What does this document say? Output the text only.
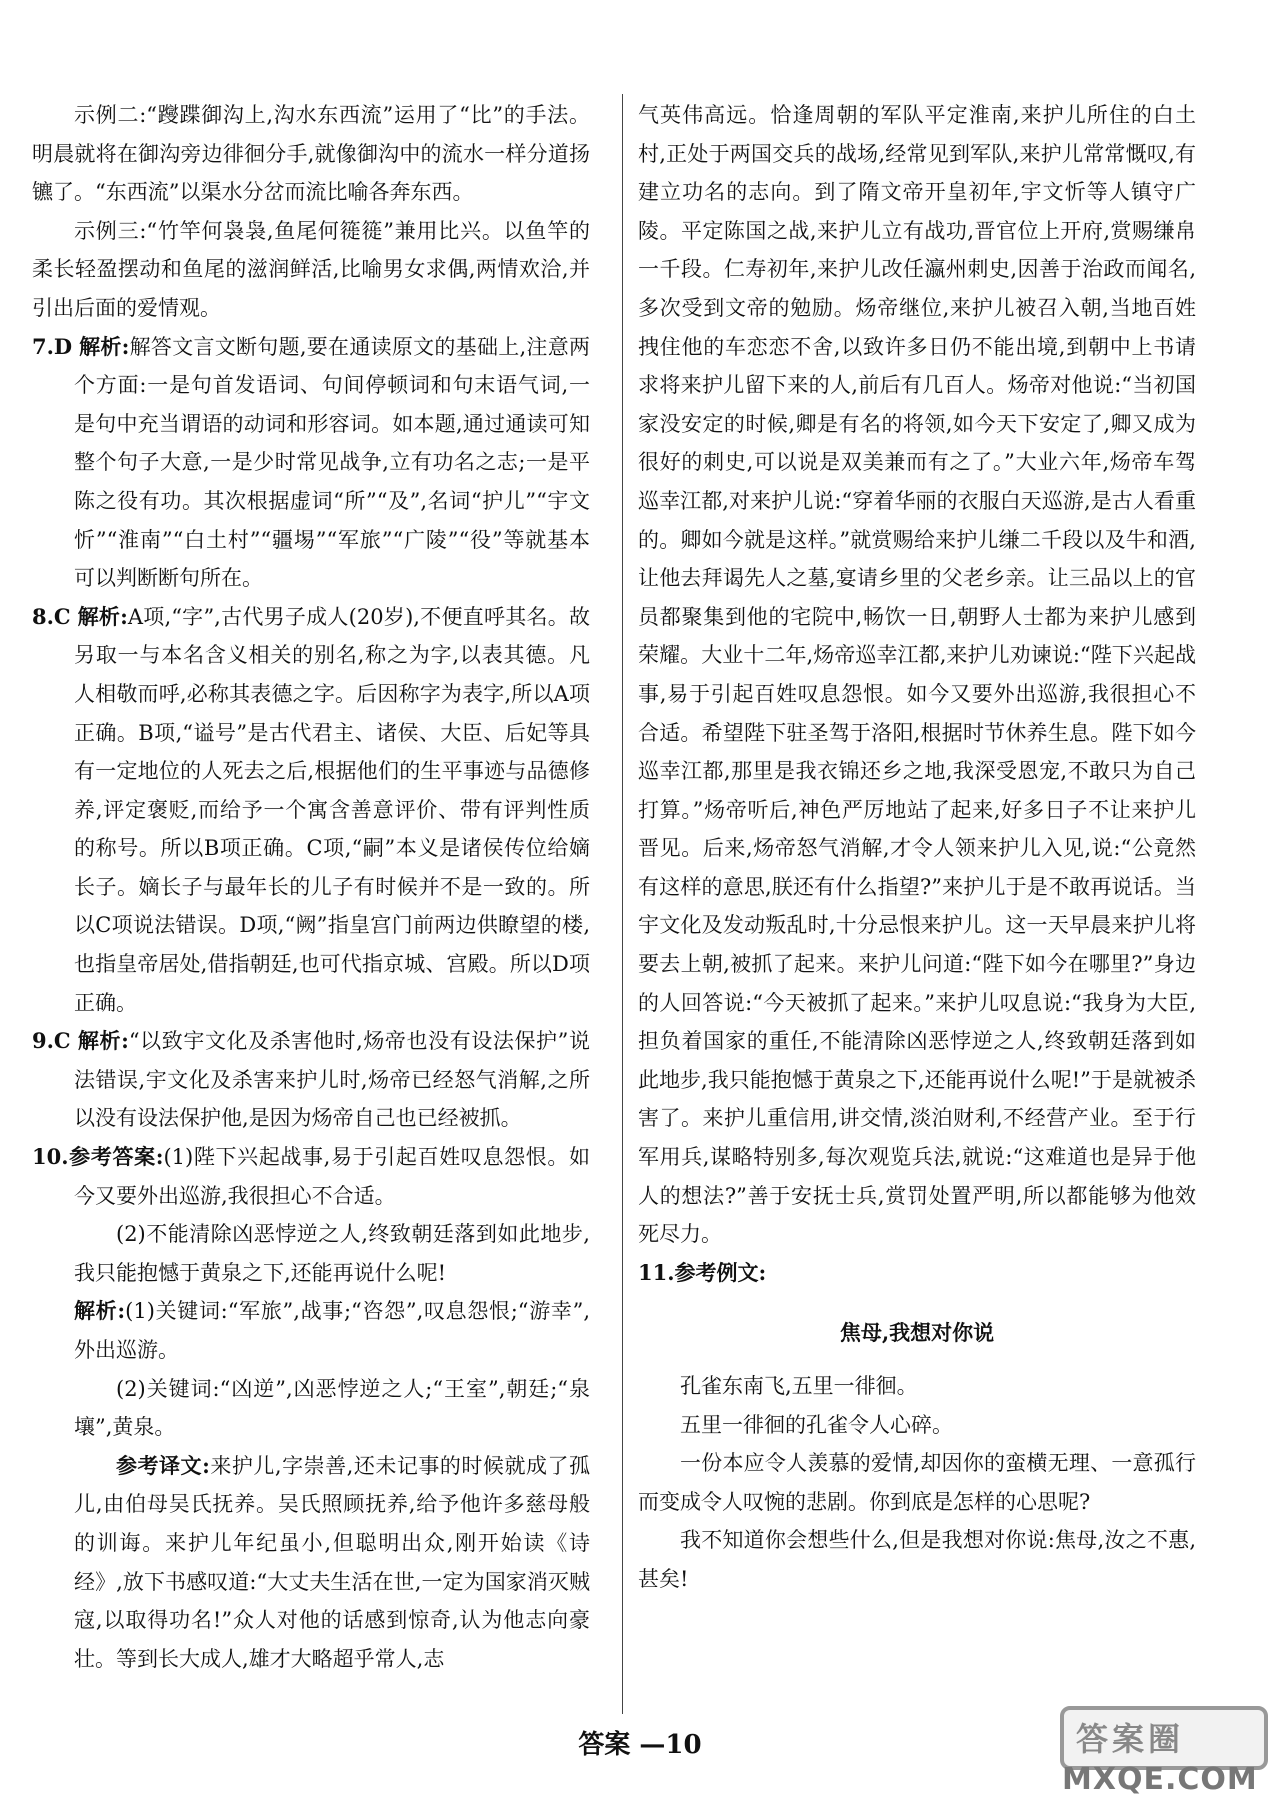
示例二:“躞蹀御沟上,沟水东西流”运用了“比”的手法。明晨就将在御沟旁边徘徊分手,就像御沟中的流水一样分道扬镳了。“东西流”以渠水分岔而流比喻各奔东西。

示例三:“竹竿何袅袅,鱼尾何簁簁”兼用比兴。以鱼竿的柔长轻盈摆动和鱼尾的滋润鲜活,比喻男女求偶,两情欢洽,并引出后面的爱情观。

7.D 解析:解答文言文断句题,要在通读原文的基础上,注意两个方面:一是句首发语词、句间停顿词和句末语气词,一是句中充当谓语的动词和形容词。如本题,通过通读可知整个句子大意,一是少时常见战争,立有功名之志;一是平陈之役有功。其次根据虚词“所”“及”,名词“护儿”“宇文忻”“淮南”“白土村”“疆埸”“军旅”“广陵”“役”等就基本可以判断断句所在。

8.C 解析:A项,“字”,古代男子成人(20岁),不便直呼其名。故另取一与本名含义相关的别名,称之为字,以表其德。凡人相敬而呼,必称其表德之字。后因称字为表字,所以A项正确。B项,“谥号”是古代君主、诸侯、大臣、后妃等具有一定地位的人死去之后,根据他们的生平事迹与品德修养,评定褒贬,而给予一个寓含善意评价、带有评判性质的称号。所以B项正确。C项,“嗣”本义是诸侯传位给嫡长子。嫡长子与最年长的儿子有时候并不是一致的。所以C项说法错误。D项,“阙”指皇宫门前两边供瞭望的楼,也指皇帝居处,借指朝廷,也可代指京城、宫殿。所以D项正确。

9.C 解析:“以致宇文化及杀害他时,炀帝也没有设法保护”说法错误,宇文化及杀害来护儿时,炀帝已经怒气消解,之所以没有设法保护他,是因为炀帝自己也已经被抓。

10.参考答案:(1)陛下兴起战事,易于引起百姓叹息怨恨。如今又要外出巡游,我很担心不合适。

(2)不能清除凶恶悖逆之人,终致朝廷落到如此地步,我只能抱憾于黄泉之下,还能再说什么呢!

解析:(1)关键词:“军旅”,战事;“咨怨”,叹息怨恨;“游幸”,外出巡游。

(2)关键词:“凶逆”,凶恶悖逆之人;“王室”,朝廷;“泉壤”,黄泉。

参考译文:来护儿,字崇善,还未记事的时候就成了孤儿,由伯母吴氏抚养。吴氏照顾抚养,给予他许多慈母般的训诲。来护儿年纪虽小,但聪明出众,刚开始读《诗经》,放下书感叹道:“大丈夫生活在世,一定为国家消灭贼寇,以取得功名!”众人对他的话感到惊奇,认为他志向豪壮。等到长大成人,雄才大略超乎常人,志

气英伟高远。恰逢周朝的军队平定淮南,来护儿所住的白土村,正处于两国交兵的战场,经常见到军队,来护儿常常慨叹,有建立功名的志向。到了隋文帝开皇初年,宇文忻等人镇守广陵。平定陈国之战,来护儿立有战功,晋官位上开府,赏赐缣帛一千段。仁寿初年,来护儿改任瀛州刺史,因善于治政而闻名,多次受到文帝的勉励。炀帝继位,来护儿被召入朝,当地百姓拽住他的车恋恋不舍,以致许多日仍不能出境,到朝中上书请求将来护儿留下来的人,前后有几百人。炀帝对他说:“当初国家没安定的时候,卿是有名的将领,如今天下安定了,卿又成为很好的刺史,可以说是双美兼而有之了。”大业六年,炀帝车驾巡幸江都,对来护儿说:“穿着华丽的衣服白天巡游,是古人看重的。卿如今就是这样。”就赏赐给来护儿缣二千段以及牛和酒,让他去拜谒先人之墓,宴请乡里的父老乡亲。让三品以上的官员都聚集到他的宅院中,畅饮一日,朝野人士都为来护儿感到荣耀。大业十二年,炀帝巡幸江都,来护儿劝谏说:“陛下兴起战事,易于引起百姓叹息怨恨。如今又要外出巡游,我很担心不合适。希望陛下驻圣驾于洛阳,根据时节休养生息。陛下如今巡幸江都,那里是我衣锦还乡之地,我深受恩宠,不敢只为自己打算。”炀帝听后,神色严厉地站了起来,好多日子不让来护儿晋见。后来,炀帝怒气消解,才令人领来护儿入见,说:“公竟然有这样的意思,朕还有什么指望?”来护儿于是不敢再说话。当宇文化及发动叛乱时,十分忌恨来护儿。这一天早晨来护儿将要去上朝,被抓了起来。来护儿问道:“陛下如今在哪里?”身边的人回答说:“今天被抓了起来。”来护儿叹息说:“我身为大臣,担负着国家的重任,不能清除凶恶悖逆之人,终致朝廷落到如此地步,我只能抱憾于黄泉之下,还能再说什么呢!”于是就被杀害了。来护儿重信用,讲交情,淡泊财利,不经营产业。至于行军用兵,谋略特别多,每次观览兵法,就说:“这难道也是异于他人的想法?”善于安抚士兵,赏罚处置严明,所以都能够为他效死尽力。

11.参考例文:

焦母,我想对你说

孔雀东南飞,五里一徘徊。

五里一徘徊的孔雀令人心碎。

一份本应令人羡慕的爱情,却因你的蛮横无理、一意孤行而变成令人叹惋的悲剧。你到底是怎样的心思呢?

我不知道你会想些什么,但是我想对你说:焦母,汝之不惠,甚矣!

答案 —10	答案圈
MXQE.COM
